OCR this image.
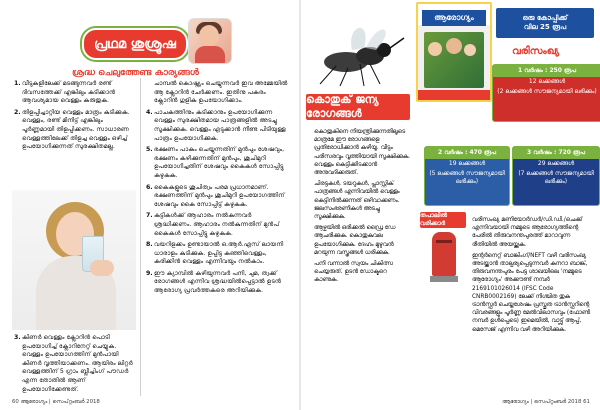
പ്രഥമ ശുശ്രൂഷ
ശ്രദ്ധ ചെലുത്തേണ്ട കാര്യങ്ങൾ
1. വീടുകളിലേക്ക് മടങ്ങുന്നവർ രണ്ട് ദിവസത്തേക്ക് എങ്കിലും കുടിക്കാൻ ആവശ്യമായ വെള്ളം കരുതുക.
2. തിളപ്പിച്ചാറ്റിയ വെള്ളം മാത്രം കുടിക്കുക. വെള്ളം, രണ്ട് മിനിട്ട് എങ്കിലും പൂർണ്ണമായി തിളപ്പിക്കണം. സാധാരണ വെള്ളത്തിലേക്ക് തിളച്ച വെള്ളം ഒഴിച്ച് ഉപയോഗിക്കുന്നത് സുരക്ഷിതമല്ല.
3. കിണർ വെള്ളം ക്ലോറിൻ പൊടി ഉപയോഗിച്ച് ക്ലോറിനേറ്റ് ചെയ്യുക. വെള്ളം ഉപയോഗത്തിന് മുൻപായി കിണർ വൃത്തിയാക്കണം. ആയിരം ലിറ്റർ വെള്ളത്തിന് 5 ഗ്രാം ബ്ലീച്ചിംഗ് പൗഡർ എന്ന തോതിൽ ആണ് ഉപയോഗിക്കേണ്ടത്.
ചാമ്പൽ കൊഷ്ന്യം ചെയ്യുന്നവർ ഇവ അമ്മേയിൽ ആ ക്ലോറിൻ ചേർക്കണം. ഇതിനു പകരം ക്ലോറിൻ ഗുളിക ഉപയോഗിക്കാം.
4. പാചകത്തിനും കുടിക്കാനും ഉപയോഗിക്കുന്ന വെള്ളം സുരക്ഷിതമായ പാത്രങ്ങളിൽ അടച്ചു സൂക്ഷിക്കുക. വെള്ളം എടുക്കാൻ നീണ്ട പിടിയുള്ള പാത്രം ഉപയോഗിക്കുക.
5. ഭക്ഷണം പാകം ചെയ്യുന്നതിന് മുൻപും ശേഷവും, ഭക്ഷണം കഴിക്കുന്നതിന് മുൻപും, ശുചിമുറി ഉപയോഗിച്ചതിന് ശേഷവും കൈകൾ സോപ്പിട്ടു കഴുകുക.
6. കൈകളുടെ ശുചിത്വം പരമ പ്രധാനമാണ്. ഭക്ഷണത്തിന് മുൻപും ശുചിമുറി ഉപയോഗത്തിന് ശേഷവും കൈ സോപ്പിട്ട് കഴുകുക.
7. കുട്ടികൾക്ക് ആഹാരം നൽകുന്നവർ ശ്രദ്ധിക്കണം. ആഹാരം നൽകുന്നതിന് മുൻപ് കൈകൾ സോപ്പിട്ടു കഴുകുക.
8. വയറിളക്കം ഉണ്ടായാൽ ഒ.ആർ.എസ് ലായനി ധാരാളം കുടിക്കുക. ഉപ്പിട്ട കഞ്ഞിവെള്ളം, കരിക്കിൻ വെള്ളം എന്നിവയും നൽകാം.
9. ഈ ക്യാമ്പിൽ കഴിയുന്നവർ പനി, ചുമ, ത്വക്ക് രോഗങ്ങൾ എന്നിവ ശ്രദ്ധയിൽപ്പെട്ടാൽ ഉടൻ ആരോഗ്യ പ്രവർത്തകരെ അറിയിക്കുക.
60 ആരോഗ്യം | സെപ്റ്റംബർ 2018
കൊതുക് ജന്യ രോഗങ്ങൾ

കൊതുകിനെ നിയന്ത്രിക്കുന്നതിലൂടെ മാത്രമേ ഈ രോഗങ്ങളെ പ്രതിരോധിക്കാൻ കഴിയൂ. വീടും പരിസരവും വൃത്തിയായി സൂക്ഷിക്കുക. വെള്ളം കെട്ടിക്കിടക്കാൻ അനുവദിക്കരുത്.

ചിരട്ടകൾ, ടയറുകൾ, പ്ലാസ്റ്റിക് പാത്രങ്ങൾ എന്നിവയിൽ വെള്ളം കെട്ടിനിൽക്കുന്നത് ഒഴിവാക്കണം. ജലസംഭരണികൾ അടച്ചു സൂക്ഷിക്കുക.

ആഴ്ചയിൽ ഒരിക്കൽ ഡ്രൈ ഡേ ആചരിക്കുക. കൊതുകുവല ഉപയോഗിക്കുക. ദേഹം മുഴുവൻ മറയുന്ന വസ്ത്രങ്ങൾ ധരിക്കുക.

പനി വന്നാൽ സ്വയം ചികിത്സ ചെയ്യരുത്. ഉടൻ ഡോക്ടറെ കാണുക.

ആരോഗ്യം	ഒരു കോപ്പിക്ക്
വില 25 രൂപ
വരിസംഖ്യ
1 വർഷം : 250 രൂപ
12 ലക്കങ്ങൾ
(2 ലക്കങ്ങൾ സൗജന്യമായി ലഭിക്കും)
2 വർഷം : 470 രൂപ
19 ലക്കങ്ങൾ
(5 ലക്കങ്ങൾ സൗജന്യമായി ലഭിക്കും)
3 വർഷം : 720 രൂപ
29 ലക്കങ്ങൾ
(7 ലക്കങ്ങൾ സൗജന്യമായി ലഭിക്കും)
തപാലിൽ വരിക്കാർ	വരിസംഖ്യ മണിയോർഡർ/ഡി.ഡി./ചെക്ക് എന്നിവയായി നമ്മുടെ ആരോഗ്യത്തിന്റെ പേരിൽ തിരുവനന്തപുരത്ത് മാറാവുന്ന രീതിയിൽ അയയ്ക്കുക.

ഇന്റർനെറ്റ് ബാങ്കിംഗ്/NEFT വഴി വരിസംഖ്യ അടയ്ക്കാൻ താല്പര്യപ്പെടുന്നവർ കനറാ ബാങ്ക്, തിരുവനന്തപുരം പേട്ട ശാഖയിലെ 'നമ്മുടെ ആരോഗ്യം' അക്കൗണ്ട് നമ്പർ 2169101026014 (IFSC Code CNRB0002169) ലേക്ക് നിശ്ചിത തുക ട്രാൻസ്ഫർ ചെയ്തശേഷം പ്രസ്തുത ട്രാൻസ്ഫറിന്റെ വിവരങ്ങളും പൂർണ്ണ മേൽവിലാസവും (ഫോൺ നമ്പർ ഉൾപ്പെടെ) ഇമെയിൽ, വാട്ട്സ് ആപ്പ്, മെസേജ് എന്നിവ വഴി അറിയിക്കുക.

ആരോഗ്യം | സെപ്റ്റംബർ 2018 61
